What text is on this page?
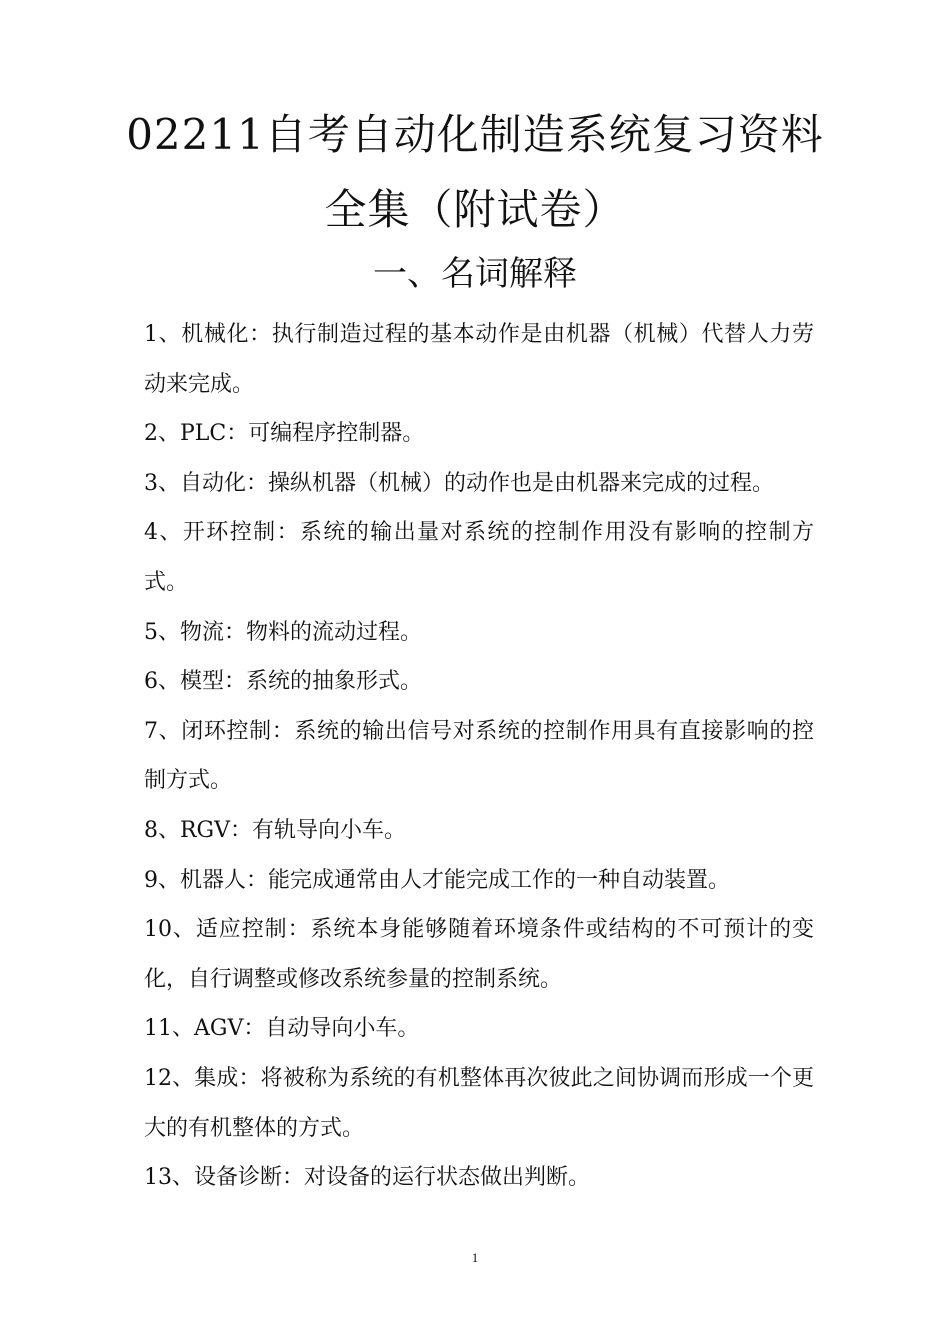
02211自考自动化制造系统复习资料
全集（附试卷）
一、名词解释
1、机械化：执行制造过程的基本动作是由机器（机械）代替人力劳动来完成。
2、PLC：可编程序控制器。
3、自动化：操纵机器（机械）的动作也是由机器来完成的过程。
4、开环控制：系统的输出量对系统的控制作用没有影响的控制方式。
5、物流：物料的流动过程。
6、模型：系统的抽象形式。
7、闭环控制：系统的输出信号对系统的控制作用具有直接影响的控制方式。
8、RGV：有轨导向小车。
9、机器人：能完成通常由人才能完成工作的一种自动装置。
10、适应控制：系统本身能够随着环境条件或结构的不可预计的变化，自行调整或修改系统参量的控制系统。
11、AGV：自动导向小车。
12、集成：将被称为系统的有机整体再次彼此之间协调而形成一个更大的有机整体的方式。
13、设备诊断：对设备的运行状态做出判断。
1
